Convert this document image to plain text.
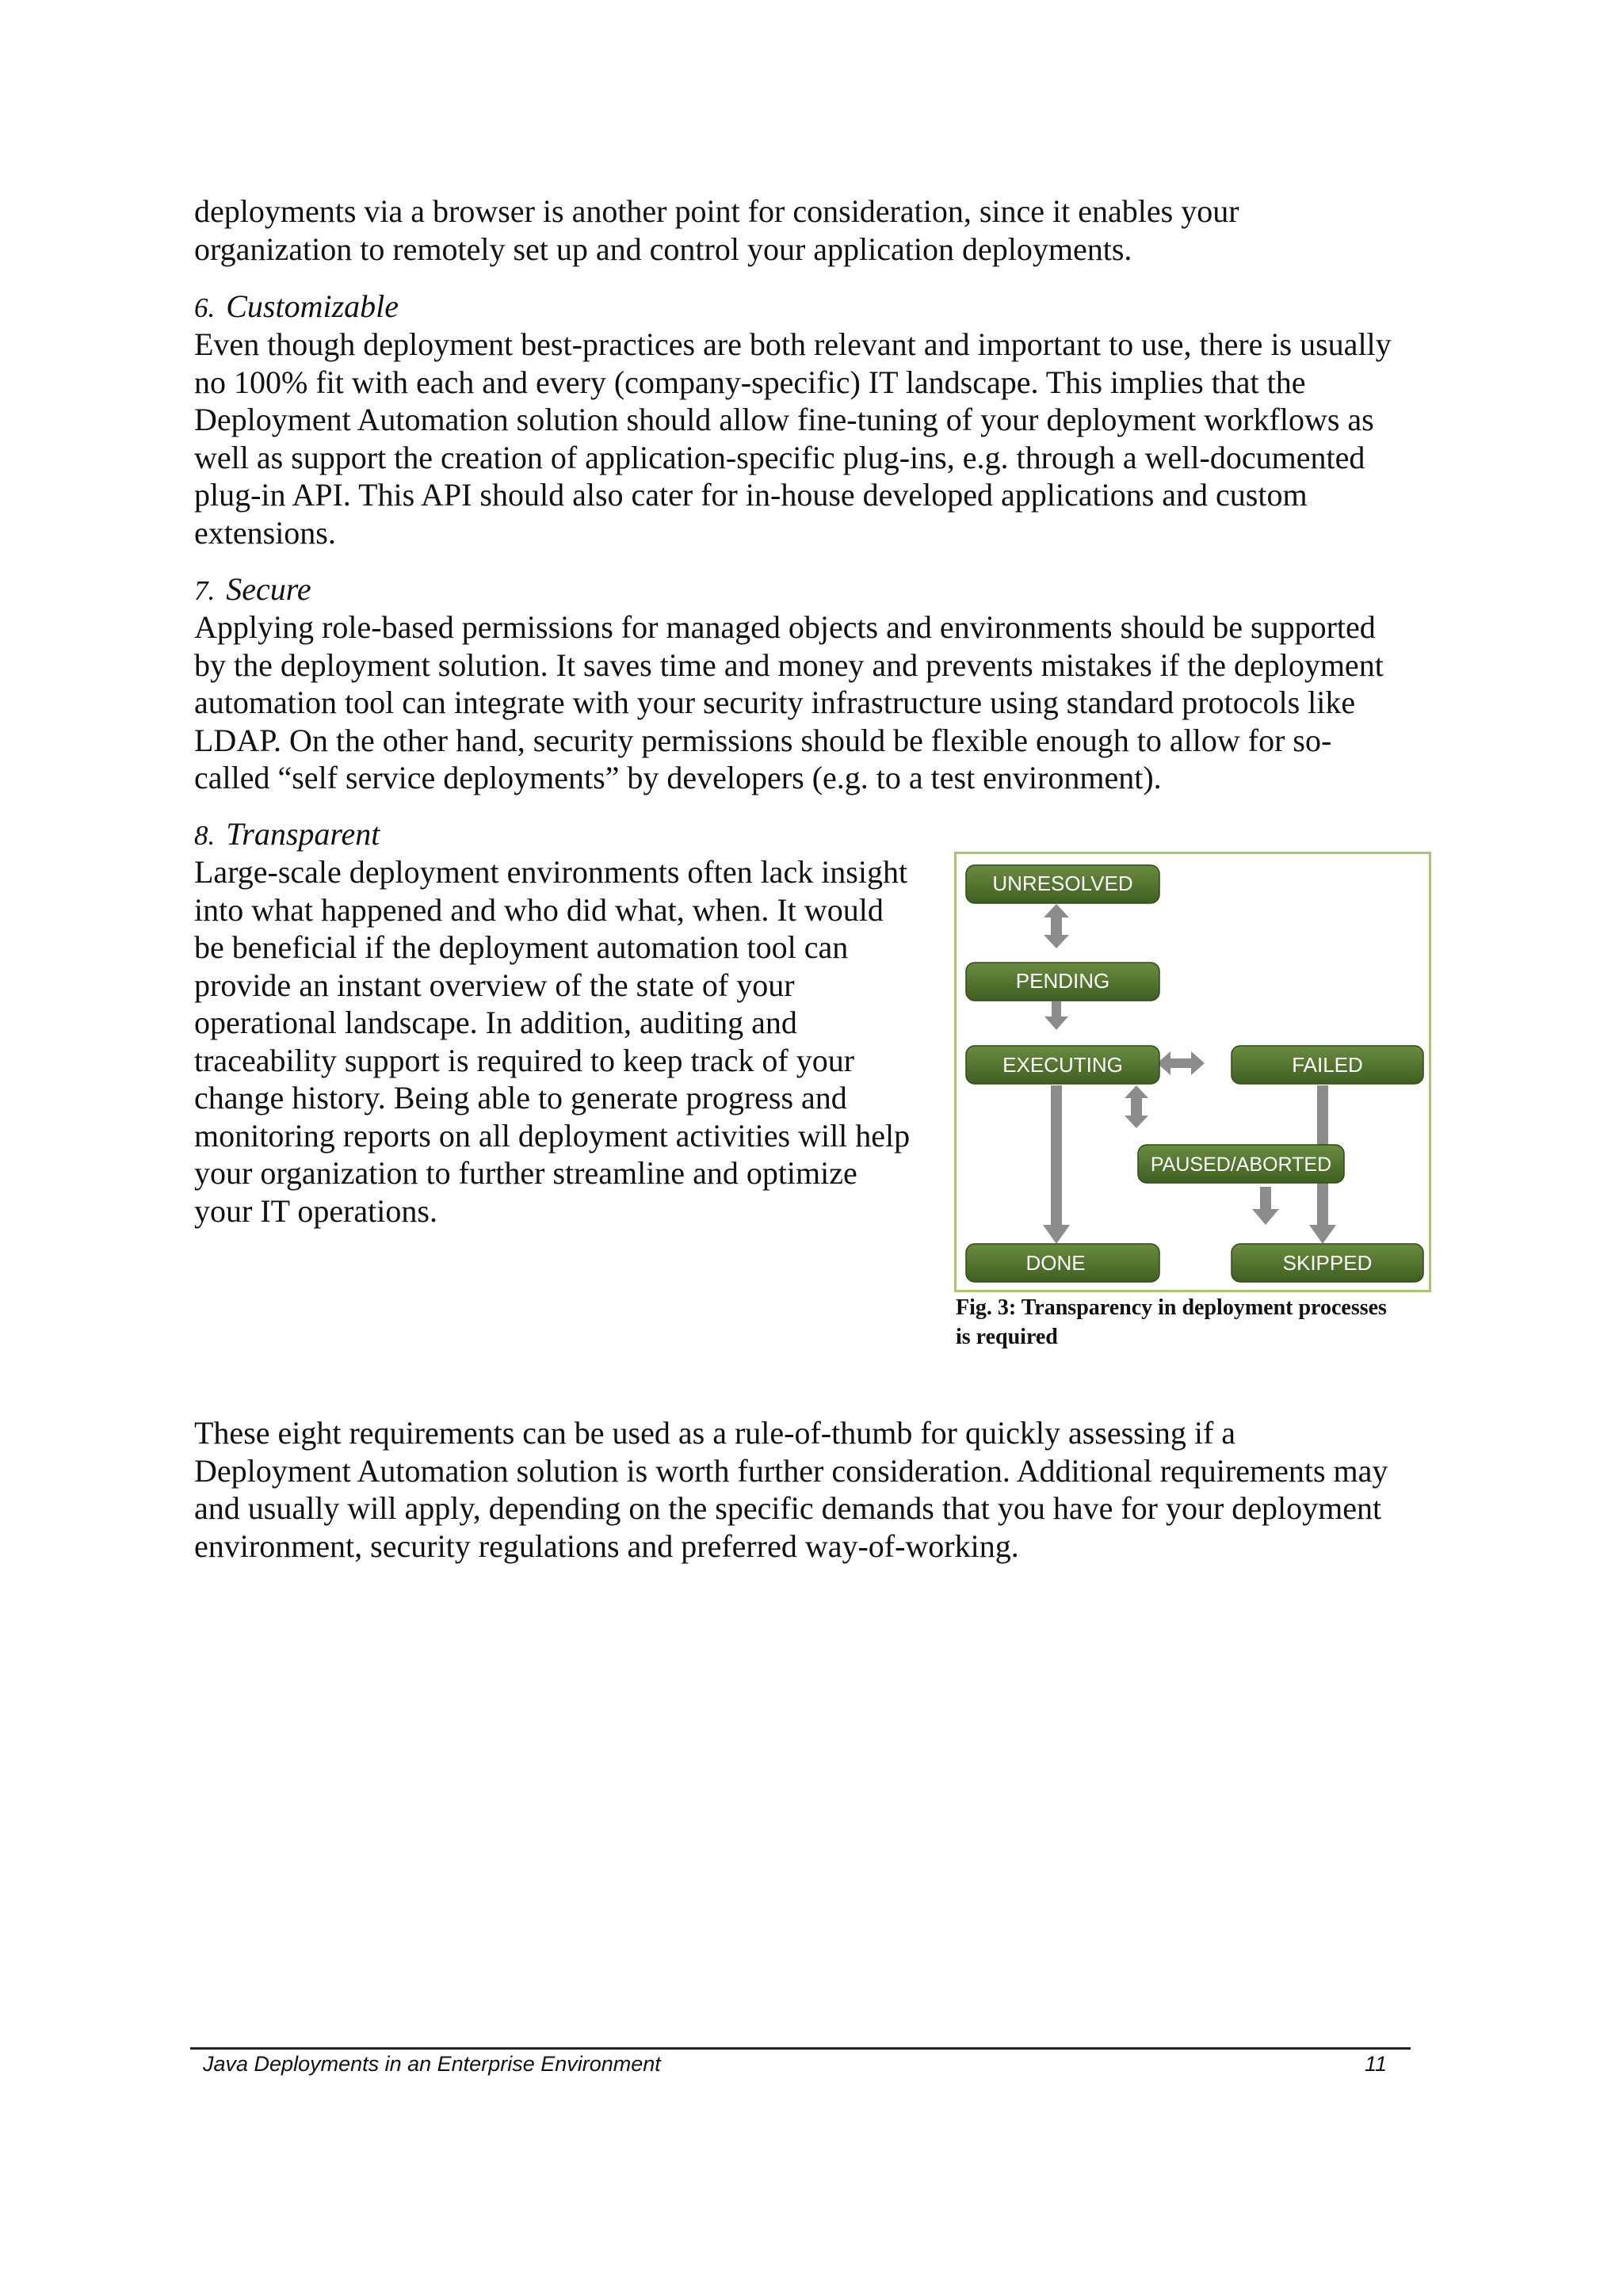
deployments via a browser is another point for consideration, since it enables your
organization to remotely set up and control your application deployments.

6. Customizable

Even though deployment best-practices are both relevant and important to use, there is usually
no 100% fit with each and every (company-specific) IT landscape. This implies that the
Deployment Automation solution should allow fine-tuning of your deployment workflows as
well as support the creation of application-specific plug-ins, e.g. through a well-documented
plug-in API. This API should also cater for in-house developed applications and custom
extensions.

7. Secure

Applying role-based permissions for managed objects and environments should be supported
by the deployment solution. It saves time and money and prevents mistakes if the deployment
automation tool can integrate with your security infrastructure using standard protocols like
LDAP. On the other hand, security permissions should be flexible enough to allow for so-
called “self service deployments” by developers (e.g. to a test environment).

8. Transparent

Large-scale deployment environments often lack insight
into what happened and who did what, when. It would
be beneficial if the deployment automation tool can
provide an instant overview of the state of your
operational landscape. In addition, auditing and
traceability support is required to keep track of your
change history. Being able to generate progress and
monitoring reports on all deployment activities will help
your organization to further streamline and optimize
your IT operations.

UNRESOLVED
PENDING
EXECUTING	FAILED
PAUSED/ABORTED
DONE	SKIPPED

Fig. 3: Transparency in deployment processes
is required

These eight requirements can be used as a rule-of-thumb for quickly assessing if a
Deployment Automation solution is worth further consideration. Additional requirements may
and usually will apply, depending on the specific demands that you have for your deployment
environment, security regulations and preferred way-of-working.

Java Deployments in an Enterprise Environment	11
